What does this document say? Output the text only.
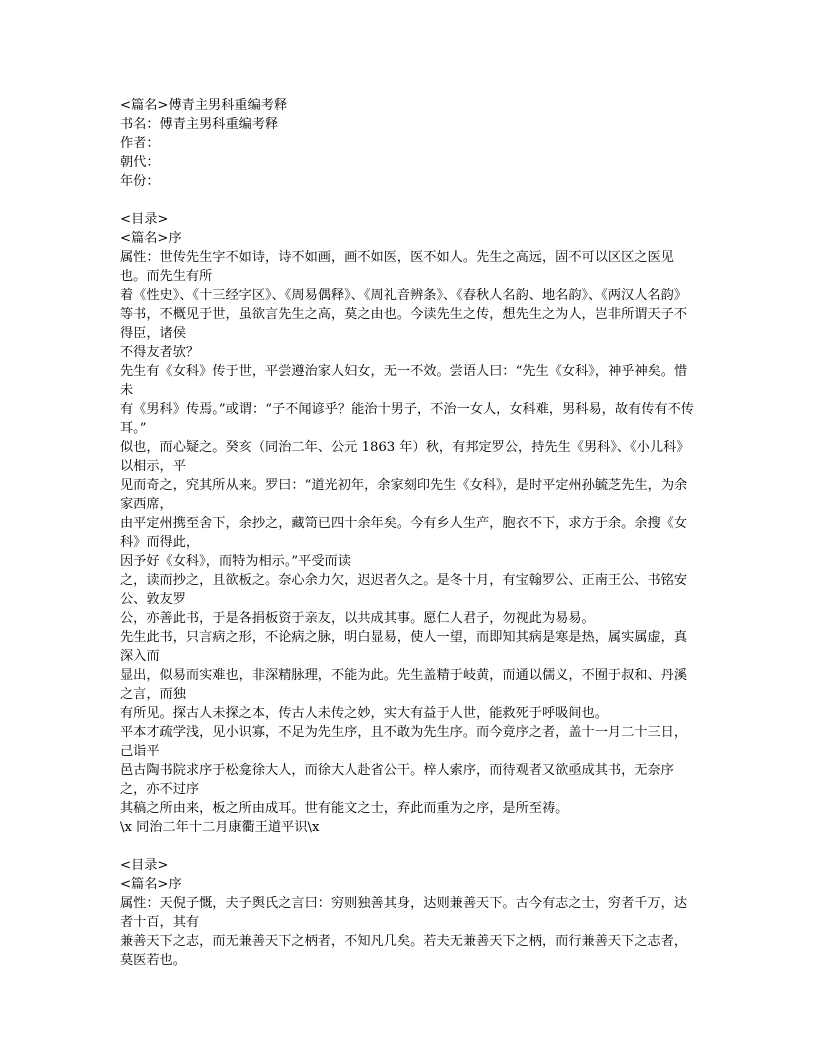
<篇名>傅青主男科重编考释
书名：傅青主男科重编考释
作者：
朝代：
年份：
<目录>
<篇名>序
属性：世传先生字不如诗，诗不如画，画不如医，医不如人。先生之高远，固不可以区区之医见也。而先生有所
着《性史》、《十三经字区》、《周易偶释》、《周礼音辨条》、《春秋人名韵、地名韵》、《两汉人名韵》
等书，不概见于世，虽欲言先生之高，莫之由也。今读先生之传，想先生之为人，岂非所谓天子不得臣，诸侯
不得友者欤？
先生有《女科》传于世，平尝遵治家人妇女，无一不效。尝语人曰：“先生《女科》，神乎神矣。惜未
有《男科》传焉。”或谓：“子不闻谚乎？能治十男子，不治一女人，女科难，男科易，故有传有不传耳。”
似也，而心疑之。癸亥（同治二年、公元 1863 年）秋，有邦定罗公，持先生《男科》、《小儿科》以相示，平
见而奇之，究其所从来。罗曰：“道光初年，余家刻印先生《女科》，是时平定州孙毓芝先生，为余家西席，
由平定州携至舍下，余抄之，藏笥已四十余年矣。今有乡人生产，胞衣不下，求方于余。余搜《女科》而得此，
因予好《女科》，而特为相示。”平受而读
之，读而抄之，且欲板之。奈心余力欠，迟迟者久之。是冬十月，有宝翰罗公、正南王公、书铭安公、敦友罗
公，亦善此书，于是各捐板资于亲友，以共成其事。愿仁人君子，勿视此为易易。
先生此书，只言病之形，不论病之脉，明白显易，使人一望，而即知其病是寒是热，属实属虚，真深入而
显出，似易而实难也，非深精脉理，不能为此。先生盖精于岐黄，而通以儒义，不囿于叔和、丹溪之言，而独
有所见。探古人未探之本，传古人未传之妙，实大有益于人世，能救死于呼吸间也。
平本才疏学浅，见小识寡，不足为先生序，且不敢为先生序。而今竟序之者，盖十一月二十三日，己诣平
邑古陶书院求序于松龛徐大人，而徐大人赴省公干。梓人索序，而待观者又欲亟成其书，无奈序之，亦不过序
其稿之所由来，板之所由成耳。世有能文之士，弃此而重为之序，是所至祷。
\x 同治二年十二月康衢王道平识\x
<目录>
<篇名>序
属性：天倪子慨，夫子舆氏之言曰：穷则独善其身，达则兼善天下。古今有志之士，穷者千万，达者十百，其有
兼善天下之志，而无兼善天下之柄者，不知凡几矣。若夫无兼善天下之柄，而行兼善天下之志者，莫医若也。
